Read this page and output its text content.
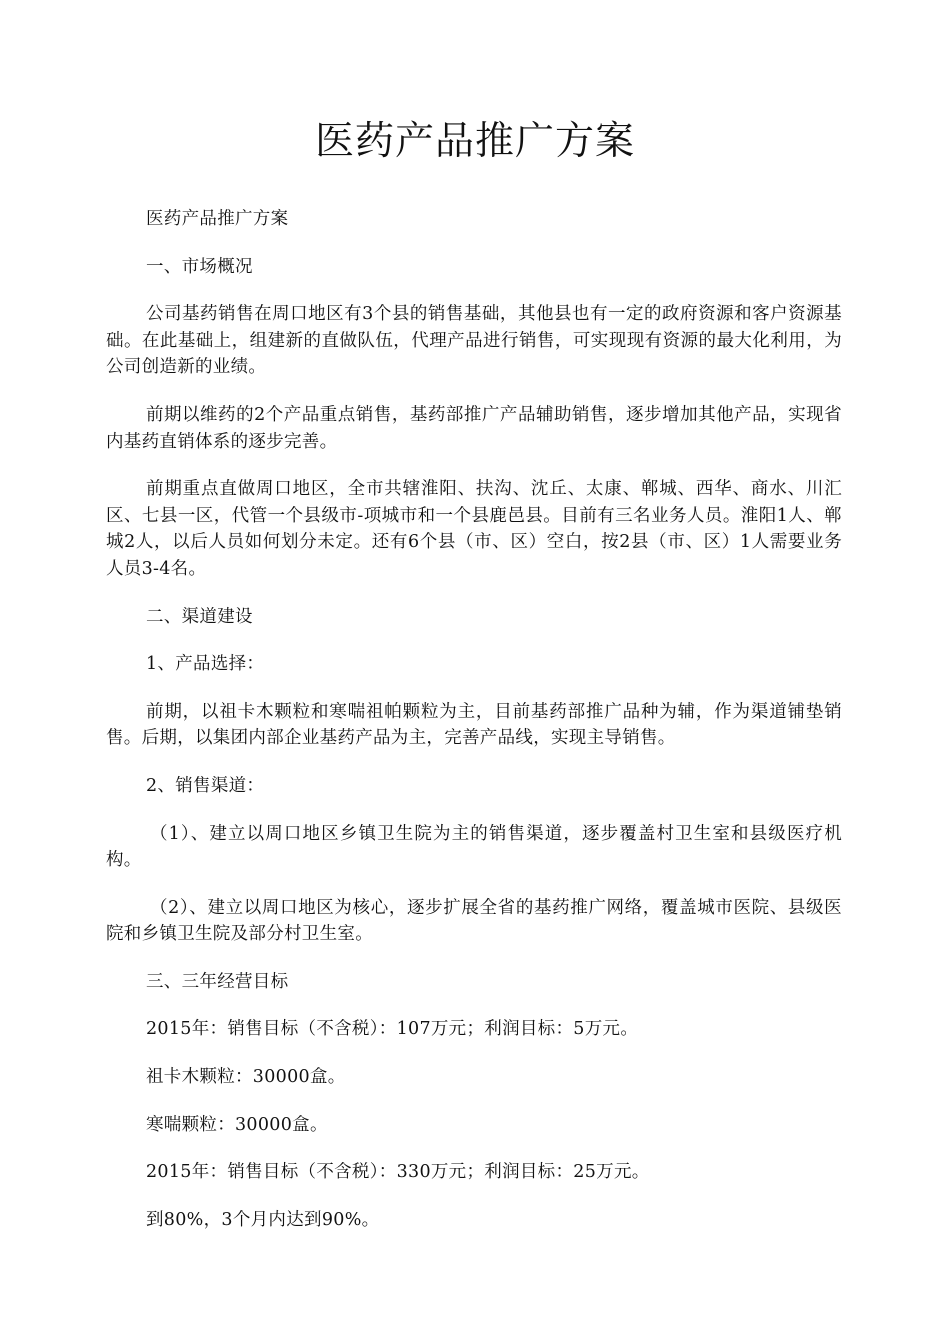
医药产品推广方案

医药产品推广方案

一、市场概况

公司基药销售在周口地区有3个县的销售基础，其他县也有一定的政府资源和客户资源基础。在此基础上，组建新的直做队伍，代理产品进行销售，可实现现有资源的最大化利用，为公司创造新的业绩。

前期以维药的2个产品重点销售，基药部推广产品辅助销售，逐步增加其他产品，实现省内基药直销体系的逐步完善。

前期重点直做周口地区，全市共辖淮阳、扶沟、沈丘、太康、郸城、西华、商水、川汇区、七县一区，代管一个县级市-项城市和一个县鹿邑县。目前有三名业务人员。淮阳1人、郸城2人，以后人员如何划分未定。还有6个县（市、区）空白，按2县（市、区）1人需要业务人员3-4名。

二、渠道建设

1、产品选择：

前期，以祖卡木颗粒和寒喘祖帕颗粒为主，目前基药部推广品种为辅，作为渠道铺垫销售。后期，以集团内部企业基药产品为主，完善产品线，实现主导销售。

2、销售渠道：

（1）、建立以周口地区乡镇卫生院为主的销售渠道，逐步覆盖村卫生室和县级医疗机构。

（2）、建立以周口地区为核心，逐步扩展全省的基药推广网络，覆盖城市医院、县级医院和乡镇卫生院及部分村卫生室。

三、三年经营目标

2015年：销售目标（不含税）：107万元；利润目标：5万元。

祖卡木颗粒：30000盒。

寒喘颗粒：30000盒。

2015年：销售目标（不含税）：330万元；利润目标：25万元。

到80%，3个月内达到90%。
